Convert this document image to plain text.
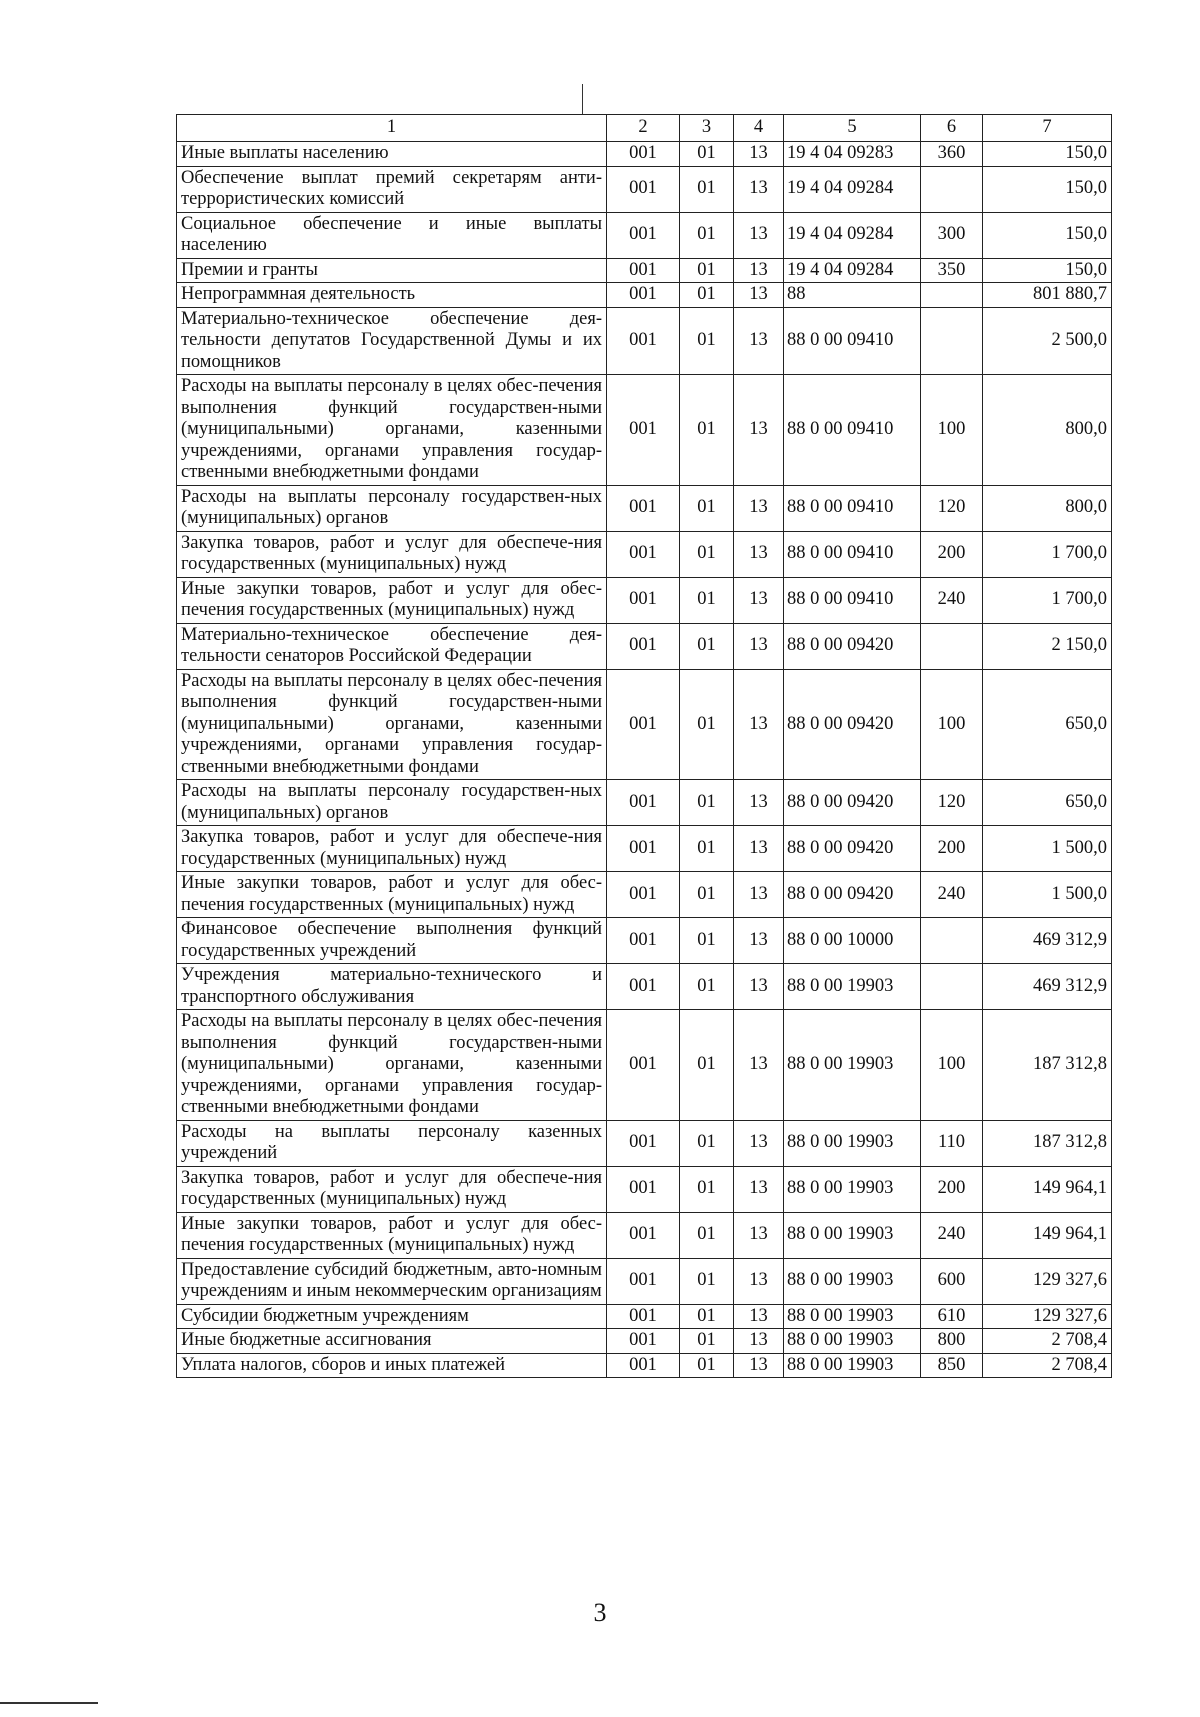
1	2	3	4	5	6	7
Иные выплаты населению	001	01	13	19 4 04 09283	360	150,0
Обеспечение выплат премий секретарям анти-террористических комиссий	001	01	13	19 4 04 09284		150,0
Социальное обеспечение и иные выплаты населению	001	01	13	19 4 04 09284	300	150,0
Премии и гранты	001	01	13	19 4 04 09284	350	150,0
Непрограммная деятельность	001	01	13	88		801 880,7
Материально-техническое обеспечение дея-тельности депутатов Государственной Думы и их помощников	001	01	13	88 0 00 09410		2 500,0
Расходы на выплаты персоналу в целях обес-печения выполнения функций государствен-ными (муниципальными) органами, казенными учреждениями, органами управления государ-ственными внебюджетными фондами	001	01	13	88 0 00 09410	100	800,0
Расходы на выплаты персоналу государствен-ных (муниципальных) органов	001	01	13	88 0 00 09410	120	800,0
Закупка товаров, работ и услуг для обеспече-ния государственных (муниципальных) нужд	001	01	13	88 0 00 09410	200	1 700,0
Иные закупки товаров, работ и услуг для обес-печения государственных (муниципальных) нужд	001	01	13	88 0 00 09410	240	1 700,0
Материально-техническое обеспечение дея-тельности сенаторов Российской Федерации	001	01	13	88 0 00 09420		2 150,0
Расходы на выплаты персоналу в целях обес-печения выполнения функций государствен-ными (муниципальными) органами, казенными учреждениями, органами управления государ-ственными внебюджетными фондами	001	01	13	88 0 00 09420	100	650,0
Расходы на выплаты персоналу государствен-ных (муниципальных) органов	001	01	13	88 0 00 09420	120	650,0
Закупка товаров, работ и услуг для обеспече-ния государственных (муниципальных) нужд	001	01	13	88 0 00 09420	200	1 500,0
Иные закупки товаров, работ и услуг для обес-печения государственных (муниципальных) нужд	001	01	13	88 0 00 09420	240	1 500,0
Финансовое обеспечение выполнения функций государственных учреждений	001	01	13	88 0 00 10000		469 312,9
Учреждения материально-технического и транспортного обслуживания	001	01	13	88 0 00 19903		469 312,9
Расходы на выплаты персоналу в целях обес-печения выполнения функций государствен-ными (муниципальными) органами, казенными учреждениями, органами управления государ-ственными внебюджетными фондами	001	01	13	88 0 00 19903	100	187 312,8
Расходы на выплаты персоналу казенных учреждений	001	01	13	88 0 00 19903	110	187 312,8
Закупка товаров, работ и услуг для обеспече-ния государственных (муниципальных) нужд	001	01	13	88 0 00 19903	200	149 964,1
Иные закупки товаров, работ и услуг для обес-печения государственных (муниципальных) нужд	001	01	13	88 0 00 19903	240	149 964,1
Предоставление субсидий бюджетным, авто-номным учреждениям и иным некоммерческим организациям	001	01	13	88 0 00 19903	600	129 327,6
Субсидии бюджетным учреждениям	001	01	13	88 0 00 19903	610	129 327,6
Иные бюджетные ассигнования	001	01	13	88 0 00 19903	800	2 708,4
Уплата налогов, сборов и иных платежей	001	01	13	88 0 00 19903	850	2 708,4
3
